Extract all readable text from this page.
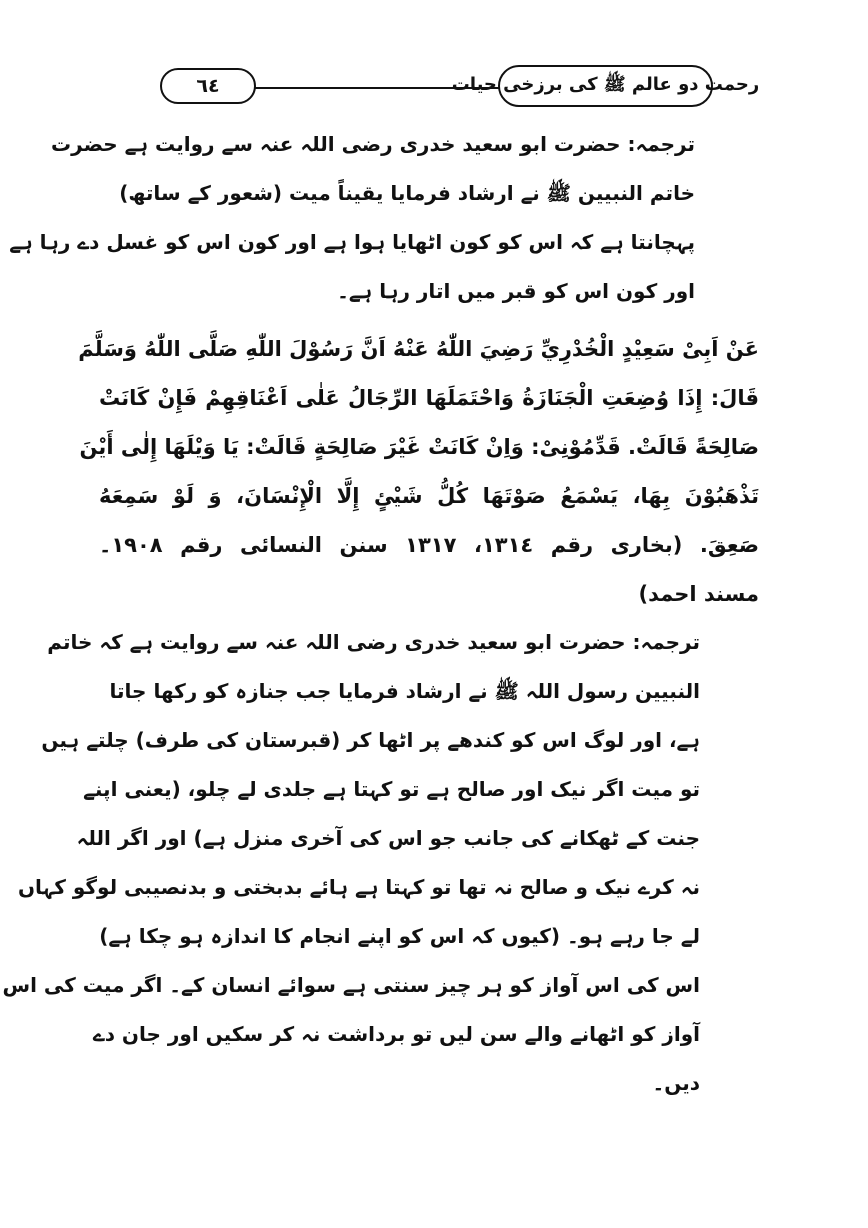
٦٤	رحمت دو عالم ﷺ کی برزخی حیات
ترجمہ: حضرت ابو سعید خدری رضی اللہ عنہ سے روایت ہے حضرت
خاتم النبیین ﷺ نے ارشاد فرمایا یقیناً میت (شعور کے ساتھ)
پہچانتا ہے کہ اس کو کون اٹھایا ہوا ہے اور کون اس کو غسل دے رہا ہے
اور کون اس کو قبر میں اتار رہا ہے۔
عَنْ اَبِیْ سَعِیْدٍ الْخُدْرِيِّ رَضِيَ اللّٰهُ عَنْهُ اَنَّ رَسُوْلَ اللّٰهِ صَلَّى اللّٰهُ وَسَلَّمَ
قَالَ: إِذَا وُضِعَتِ الْجَنَازَةُ وَاحْتَمَلَهَا الرِّجَالُ عَلٰى اَعْنَاقِهِمْ فَإِنْ كَانَتْ
صَالِحَةً قَالَتْ. قَدِّمُوْنِیْ: وَاِنْ كَانَتْ غَيْرَ صَالِحَةٍ قَالَتْ: يَا وَيْلَهَا إِلٰى أَيْنَ
تَذْهَبُوْنَ بِهَا، يَسْمَعُ صَوْتَهَا كُلُّ شَيْئٍ إِلَّا الْإِنْسَانَ، وَ لَوْ سَمِعَهُ
صَعِقَ. (بخاری رقم ١٣١٤، ١٣١٧ سنن النسائی رقم ١٩٠٨۔
مسند احمد)
ترجمہ: حضرت ابو سعید خدری رضی اللہ عنہ سے روایت ہے کہ خاتم
النبیین رسول اللہ ﷺ نے ارشاد فرمایا جب جنازہ کو رکھا جاتا
ہے، اور لوگ اس کو کندھے پر اٹھا کر (قبرستان کی طرف) چلتے ہیں
تو میت اگر نیک اور صالح ہے تو کہتا ہے جلدی لے چلو، (یعنی اپنے
جنت کے ٹھکانے کی جانب جو اس کی آخری منزل ہے) اور اگر اللہ
نہ کرے نیک و صالح نہ تھا تو کہتا ہے ہائے بدبختی و بدنصیبی لوگو کہاں
لے جا رہے ہو۔ (کیوں کہ اس کو اپنے انجام کا اندازہ ہو چکا ہے)
اس کی اس آواز کو ہر چیز سنتی ہے سوائے انسان کے۔ اگر میت کی اس
آواز کو اٹھانے والے سن لیں تو برداشت نہ کر سکیں اور جان دے
دیں۔
